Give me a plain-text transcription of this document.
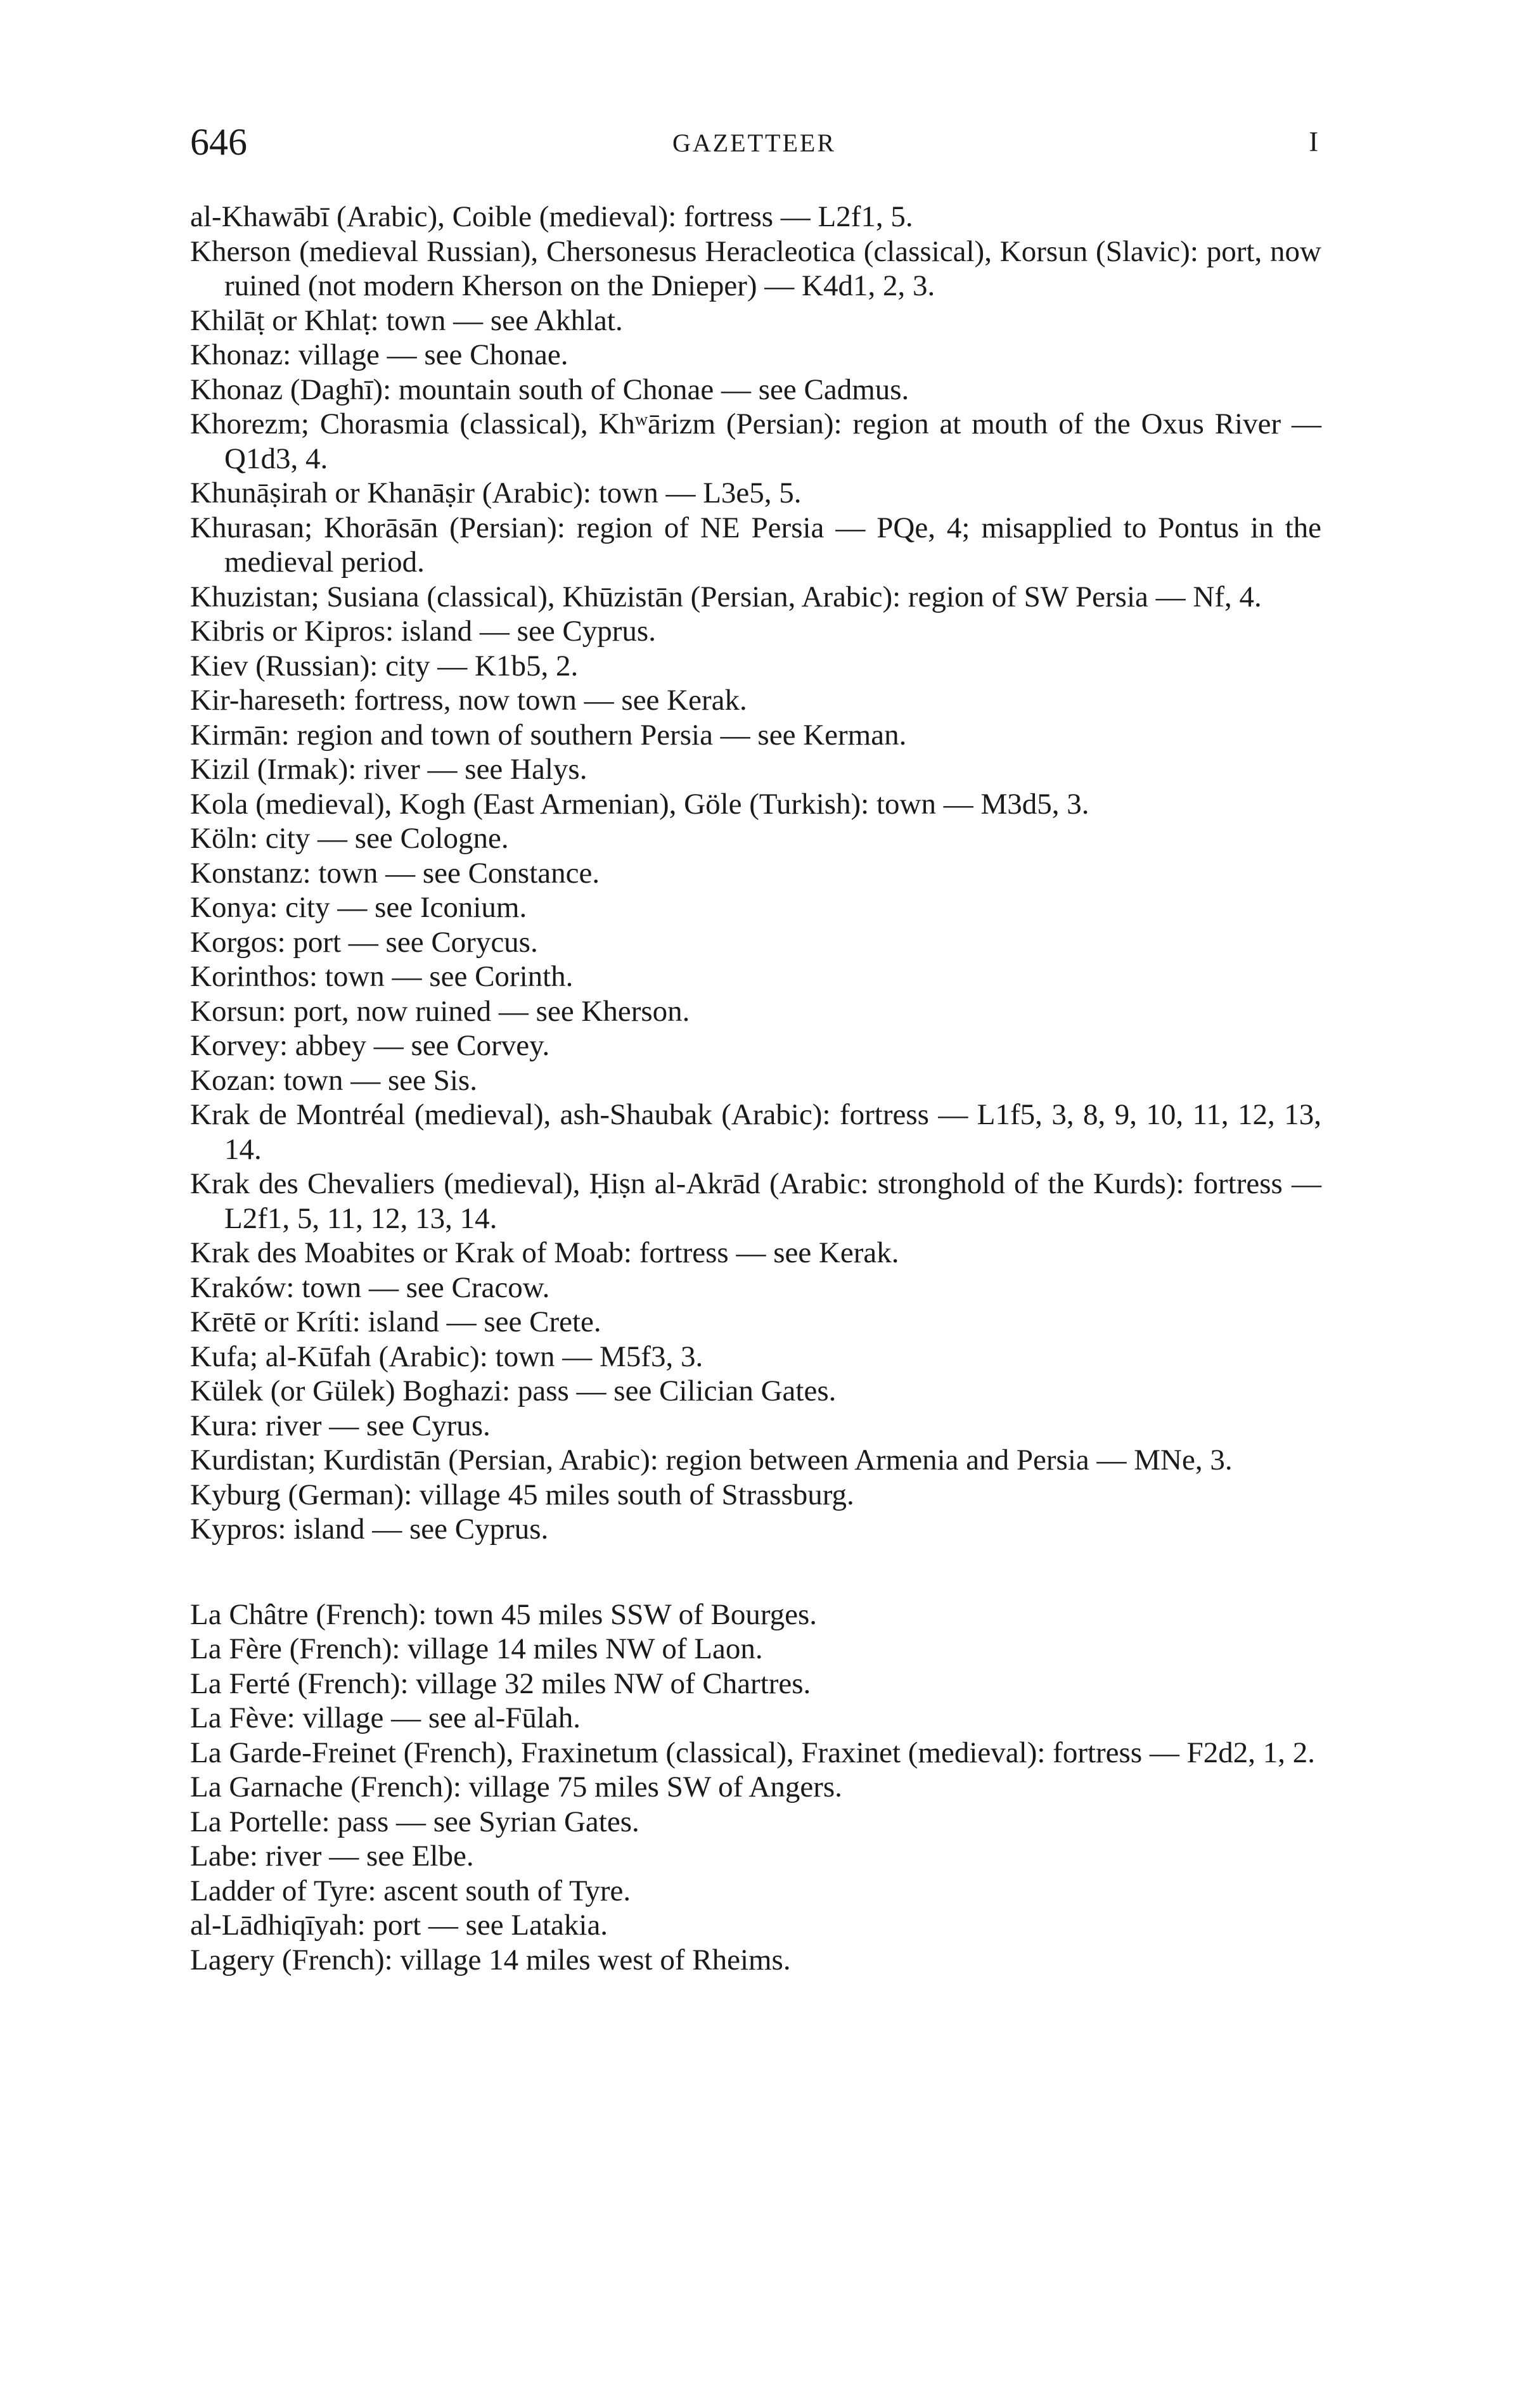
646	GAZETTEER	I
al-Khawābī (Arabic), Coible (medieval): fortress — L2f1, 5.
Kherson (medieval Russian), Chersonesus Heracleotica (classical), Korsun (Slavic): port, now ruined (not modern Kherson on the Dnieper) — K4d1, 2, 3.
Khilāṭ or Khlaṭ: town — see Akhlat.
Khonaz: village — see Chonae.
Khonaz (Daghī): mountain south of Chonae — see Cadmus.
Khorezm; Chorasmia (classical), Khʷārizm (Persian): region at mouth of the Oxus River — Q1d3, 4.
Khunāṣirah or Khanāṣir (Arabic): town — L3e5, 5.
Khurasan; Khorāsān (Persian): region of NE Persia — PQe, 4; misapplied to Pontus in the medieval period.
Khuzistan; Susiana (classical), Khūzistān (Persian, Arabic): region of SW Persia — Nf, 4.
Kibris or Kipros: island — see Cyprus.
Kiev (Russian): city — K1b5, 2.
Kir-hareseth: fortress, now town — see Kerak.
Kirmān: region and town of southern Persia — see Kerman.
Kizil (Irmak): river — see Halys.
Kola (medieval), Kogh (East Armenian), Göle (Turkish): town — M3d5, 3.
Köln: city — see Cologne.
Konstanz: town — see Constance.
Konya: city — see Iconium.
Korgos: port — see Corycus.
Korinthos: town — see Corinth.
Korsun: port, now ruined — see Kherson.
Korvey: abbey — see Corvey.
Kozan: town — see Sis.
Krak de Montréal (medieval), ash-Shaubak (Arabic): fortress — L1f5, 3, 8, 9, 10, 11, 12, 13, 14.
Krak des Chevaliers (medieval), Ḥiṣn al-Akrād (Arabic: stronghold of the Kurds): fortress — L2f1, 5, 11, 12, 13, 14.
Krak des Moabites or Krak of Moab: fortress — see Kerak.
Kraków: town — see Cracow.
Krētē or Kríti: island — see Crete.
Kufa; al-Kūfah (Arabic): town — M5f3, 3.
Külek (or Gülek) Boghazi: pass — see Cilician Gates.
Kura: river — see Cyrus.
Kurdistan; Kurdistān (Persian, Arabic): region between Armenia and Persia — MNe, 3.
Kyburg (German): village 45 miles south of Strassburg.
Kypros: island — see Cyprus.
La Châtre (French): town 45 miles SSW of Bourges.
La Fère (French): village 14 miles NW of Laon.
La Ferté (French): village 32 miles NW of Chartres.
La Fève: village — see al-Fūlah.
La Garde-Freinet (French), Fraxinetum (classical), Fraxinet (medieval): fortress — F2d2, 1, 2.
La Garnache (French): village 75 miles SW of Angers.
La Portelle: pass — see Syrian Gates.
Labe: river — see Elbe.
Ladder of Tyre: ascent south of Tyre.
al-Lādhiqīyah: port — see Latakia.
Lagery (French): village 14 miles west of Rheims.
